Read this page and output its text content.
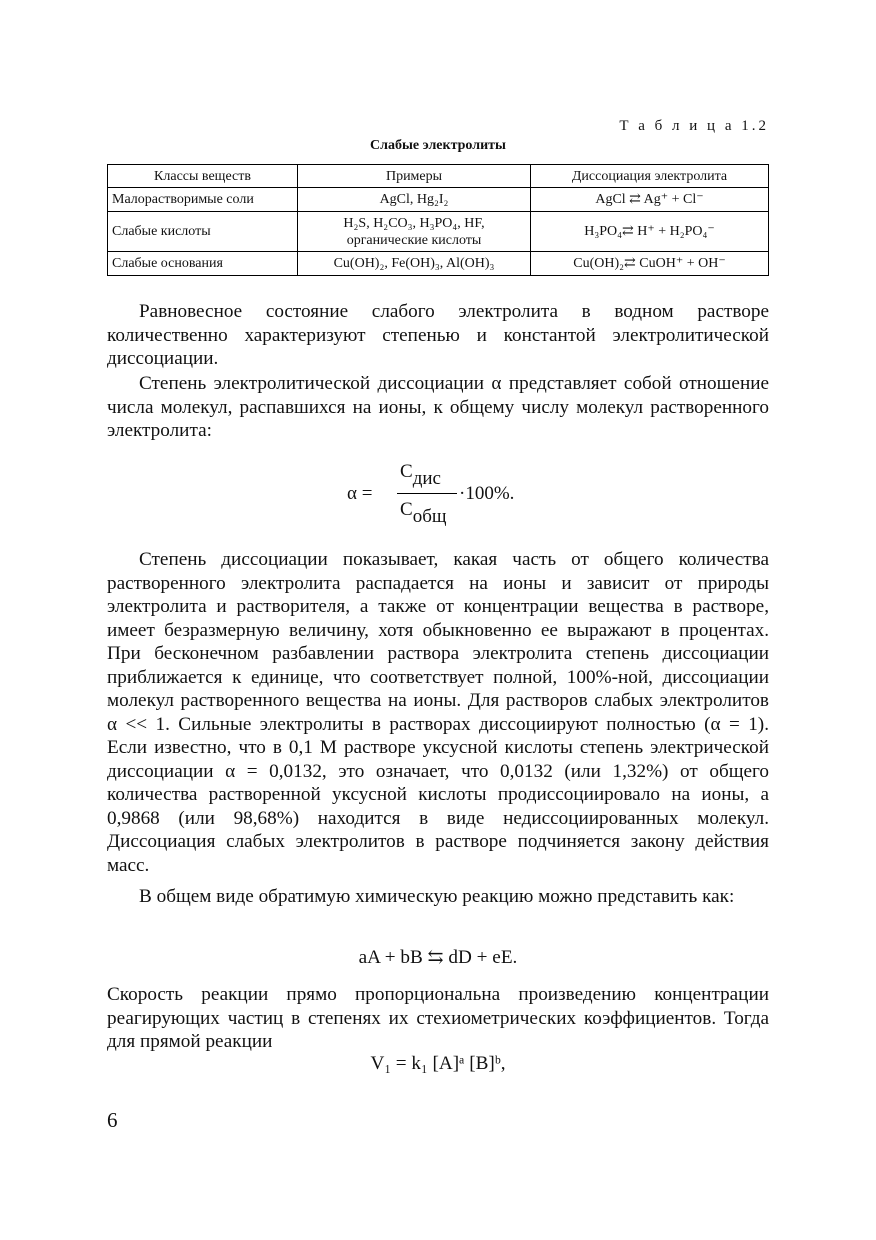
Т а б л и ц а 1.2
Слабые электролиты
Классы веществ	Примеры	Диссоциация электролита
Малорастворимые соли	AgCl, Hg₂I₂	AgCl ⇄ Ag⁺ + Cl⁻
Слабые кислоты	H₂S, H₂CO₃, H₃PO₄, HF, органические кислоты	H₃PO₄⇄ H⁺ + H₂PO₄⁻
Слабые основания	Cu(OH)₂, Fe(OH)₃, Al(OH)₃	Cu(OH)₂⇄ CuOH⁺ + OH⁻
Равновесное состояние слабого электролита в водном растворе количественно характеризуют степенью и константой электролитической диссоциации.
Степень электролитической диссоциации α представляет собой отношение числа молекул, распавшихся на ионы, к общему числу молекул растворенного электролита:
α =
Сдис
Собщ
·100%.
Степень диссоциации показывает, какая часть от общего количества растворенного электролита распадается на ионы и зависит от природы электролита и растворителя, а также от концентрации вещества в растворе, имеет безразмерную величину, хотя обыкновенно ее выражают в процентах. При бесконечном разбавлении раствора электролита степень диссоциации приближается к единице, что соответствует полной, 100%-ной, диссоциации молекул растворенного вещества на ионы. Для растворов слабых электролитов α << 1. Сильные электролиты в растворах диссоциируют полностью (α = 1). Если известно, что в 0,1 М растворе уксусной кислоты степень электрической диссоциации α = 0,0132, это означает, что 0,0132 (или 1,32%) от общего количества растворенной уксусной кислоты продиссоциировало на ионы, а 0,9868 (или 98,68%) находится в виде недиссоциированных молекул. Диссоциация слабых электролитов в растворе подчиняется закону действия масс.
В общем виде обратимую химическую реакцию можно представить как:
aA + bB ⇆ dD + eE.
Скорость реакции прямо пропорциональна произведению концентрации реагирующих частиц в степенях их стехиометрических коэффициентов. Тогда для прямой реакции
V₁ = k₁ [A]ᵃ [B]ᵇ,
6
